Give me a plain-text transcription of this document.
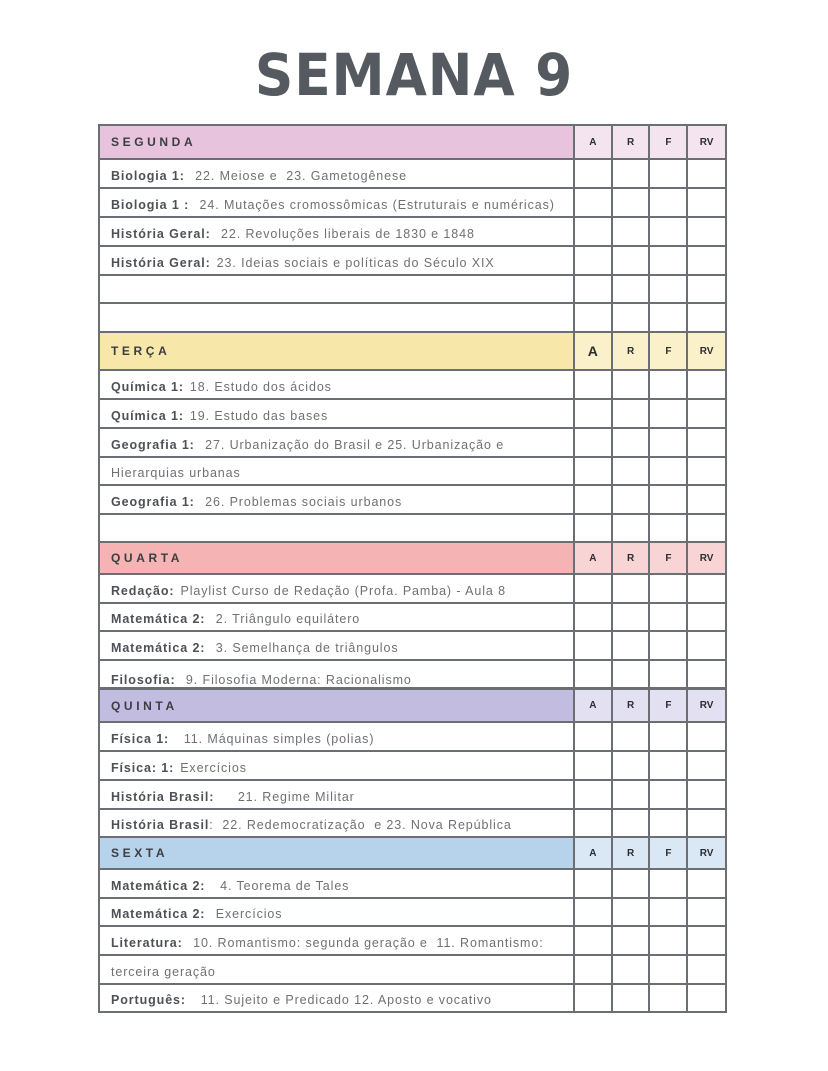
SEMANA 9
SEGUNDA	A	R	F	RV
Biologia 1: 22. Meiose e  23. Gametogênese
Biologia 1 : 24. Mutações cromossômicas (Estruturais e numéricas)
História Geral: 22. Revoluções liberais de 1830 e 1848
História Geral: 23. Ideias sociais e políticas do Século XIX
TERÇA	A	R	F	RV
Química 1: 18. Estudo dos ácidos
Química 1: 19. Estudo das bases
Geografia 1: 27. Urbanização do Brasil e 25. Urbanização e
Hierarquias urbanas
Geografia 1: 26. Problemas sociais urbanos
QUARTA	A	R	F	RV
Redação: Playlist Curso de Redação (Profa. Pamba) - Aula 8
Matemática 2: 2. Triângulo equilátero
Matemática 2: 3. Semelhança de triângulos
Filosofia: 9. Filosofia Moderna: Racionalismo
QUINTA	A	R	F	RV
Física 1: 11. Máquinas simples (polias)
Física: 1: Exercícios
História Brasil: 21. Regime Militar
História Brasil :  22. Redemocratização  e 23. Nova República
SEXTA	A	R	F	RV
Matemática 2: 4. Teorema de Tales
Matemática 2: Exercícios
Literatura: 10. Romantismo: segunda geração e  11. Romantismo:
terceira geração
Português: 11. Sujeito e Predicado 12. Aposto e vocativo
